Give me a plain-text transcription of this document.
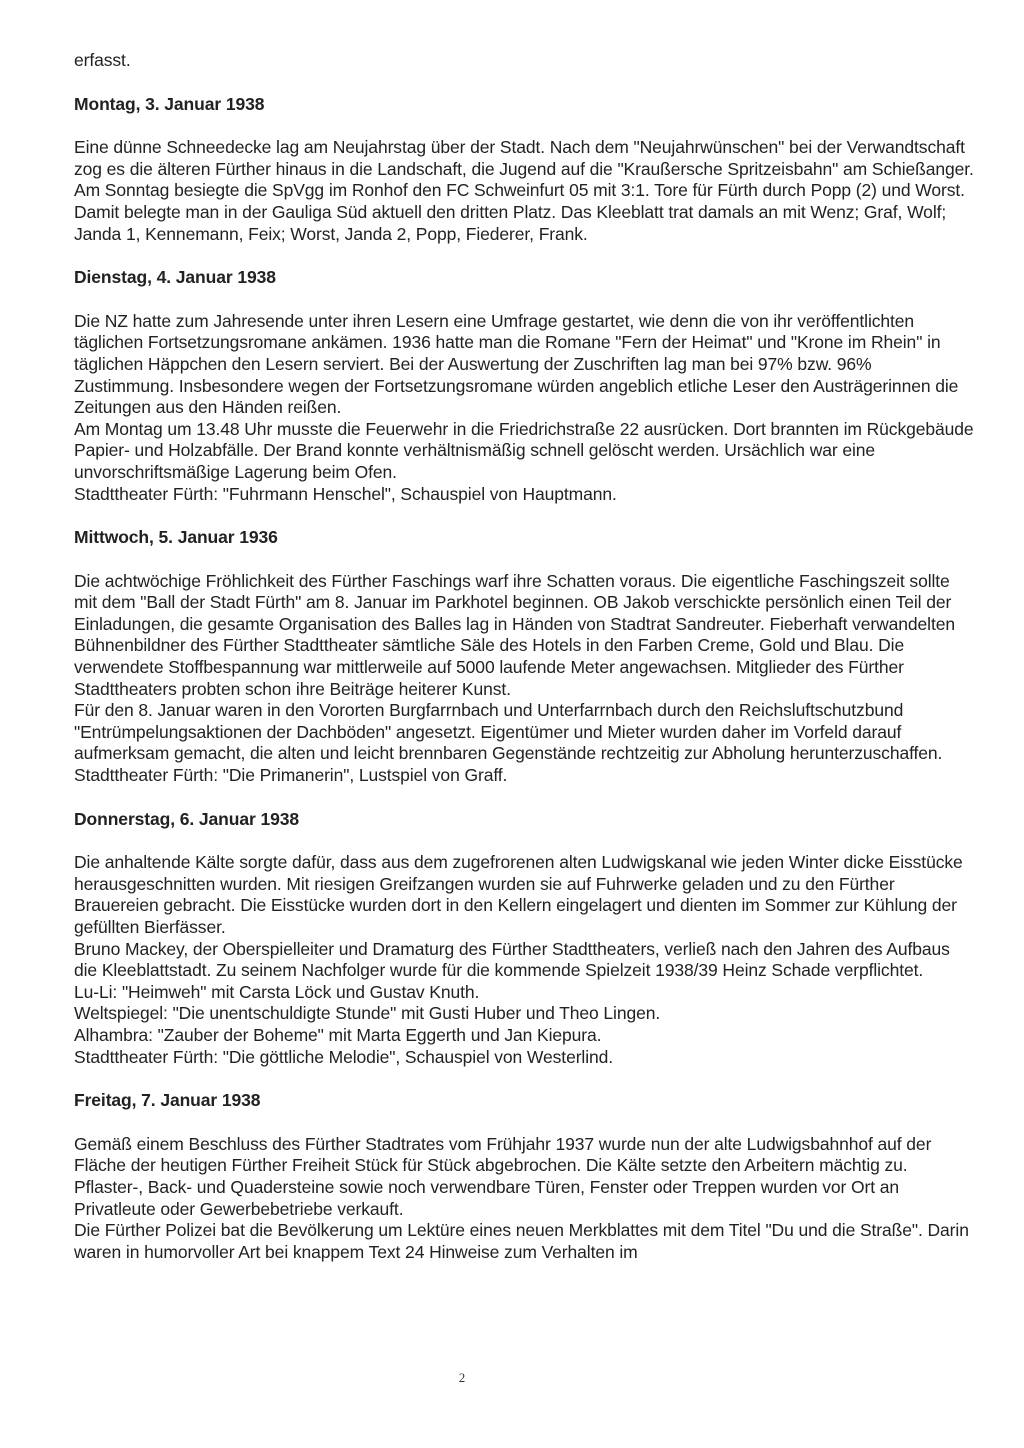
erfasst.

Montag, 3. Januar 1938

Eine dünne Schneedecke lag am Neujahrstag über der Stadt. Nach dem "Neujahrwünschen" bei der Verwandtschaft zog es die älteren Fürther hinaus in die Landschaft, die Jugend auf die "Kraußersche Spritzeisbahn" am Schießanger.

Am Sonntag besiegte die SpVgg im Ronhof den FC Schweinfurt 05 mit 3:1. Tore für Fürth durch Popp (2) und Worst. Damit belegte man in der Gauliga Süd aktuell den dritten Platz. Das Kleeblatt trat damals an mit Wenz; Graf, Wolf; Janda 1, Kennemann, Feix; Worst, Janda 2, Popp, Fiederer, Frank.

Dienstag, 4. Januar 1938

Die NZ hatte zum Jahresende unter ihren Lesern eine Umfrage gestartet, wie denn die von ihr veröffentlichten täglichen Fortsetzungsromane ankämen. 1936 hatte man die Romane "Fern der Heimat" und "Krone im Rhein" in täglichen Häppchen den Lesern serviert. Bei der Auswertung der Zuschriften lag man bei 97% bzw. 96% Zustimmung. Insbesondere wegen der Fortsetzungsromane würden angeblich etliche Leser den Austrägerinnen die Zeitungen aus den Händen reißen.

Am Montag um 13.48 Uhr musste die Feuerwehr in die Friedrichstraße 22 ausrücken. Dort brannten im Rückgebäude Papier- und Holzabfälle. Der Brand konnte verhältnismäßig schnell gelöscht werden. Ursächlich war eine unvorschriftsmäßige Lagerung beim Ofen.

Stadttheater Fürth: "Fuhrmann Henschel", Schauspiel von Hauptmann.

Mittwoch, 5. Januar 1936

Die achtwöchige Fröhlichkeit des Fürther Faschings warf ihre Schatten voraus. Die eigentliche Faschingszeit sollte mit dem "Ball der Stadt Fürth" am 8. Januar im Parkhotel beginnen. OB Jakob verschickte persönlich einen Teil der Einladungen, die gesamte Organisation des Balles lag in Händen von Stadtrat Sandreuter. Fieberhaft verwandelten Bühnenbildner des Fürther Stadttheater sämtliche Säle des Hotels in den Farben Creme, Gold und Blau. Die verwendete Stoffbespannung war mittlerweile auf 5000 laufende Meter angewachsen. Mitglieder des Fürther Stadttheaters probten schon ihre Beiträge heiterer Kunst.

Für den 8. Januar waren in den Vororten Burgfarrnbach und Unterfarrnbach durch den Reichsluftschutzbund "Entrümpelungsaktionen der Dachböden" angesetzt. Eigentümer und Mieter wurden daher im Vorfeld darauf aufmerksam gemacht, die alten und leicht brennbaren Gegenstände rechtzeitig zur Abholung herunterzuschaffen.

Stadttheater Fürth: "Die Primanerin", Lustspiel von Graff.

Donnerstag, 6. Januar 1938

Die anhaltende Kälte sorgte dafür, dass aus dem zugefrorenen alten Ludwigskanal wie jeden Winter dicke Eisstücke herausgeschnitten wurden. Mit riesigen Greifzangen wurden sie auf Fuhrwerke geladen und zu den Fürther Brauereien gebracht. Die Eisstücke wurden dort in den Kellern eingelagert und dienten im Sommer zur Kühlung der gefüllten Bierfässer.

Bruno Mackey, der Oberspielleiter und Dramaturg des Fürther Stadttheaters, verließ nach den Jahren des Aufbaus die Kleeblattstadt. Zu seinem Nachfolger wurde für die kommende Spielzeit 1938/39 Heinz Schade verpflichtet.

Lu-Li: "Heimweh" mit Carsta Löck und Gustav Knuth.

Weltspiegel: "Die unentschuldigte Stunde" mit Gusti Huber und Theo Lingen.

Alhambra: "Zauber der Boheme" mit Marta Eggerth und Jan Kiepura.

Stadttheater Fürth: "Die göttliche Melodie", Schauspiel von Westerlind.

Freitag, 7. Januar 1938

Gemäß einem Beschluss des Fürther Stadtrates vom Frühjahr 1937 wurde nun der alte Ludwigsbahnhof auf der Fläche der heutigen Fürther Freiheit Stück für Stück abgebrochen. Die Kälte setzte den Arbeitern mächtig zu. Pflaster-, Back- und Quadersteine sowie noch verwendbare Türen, Fenster oder Treppen wurden vor Ort an Privatleute oder Gewerbebetriebe verkauft.

Die Fürther Polizei bat die Bevölkerung um Lektüre eines neuen Merkblattes mit dem Titel "Du und die Straße". Darin waren in humorvoller Art bei knappem Text 24 Hinweise zum Verhalten im

2
